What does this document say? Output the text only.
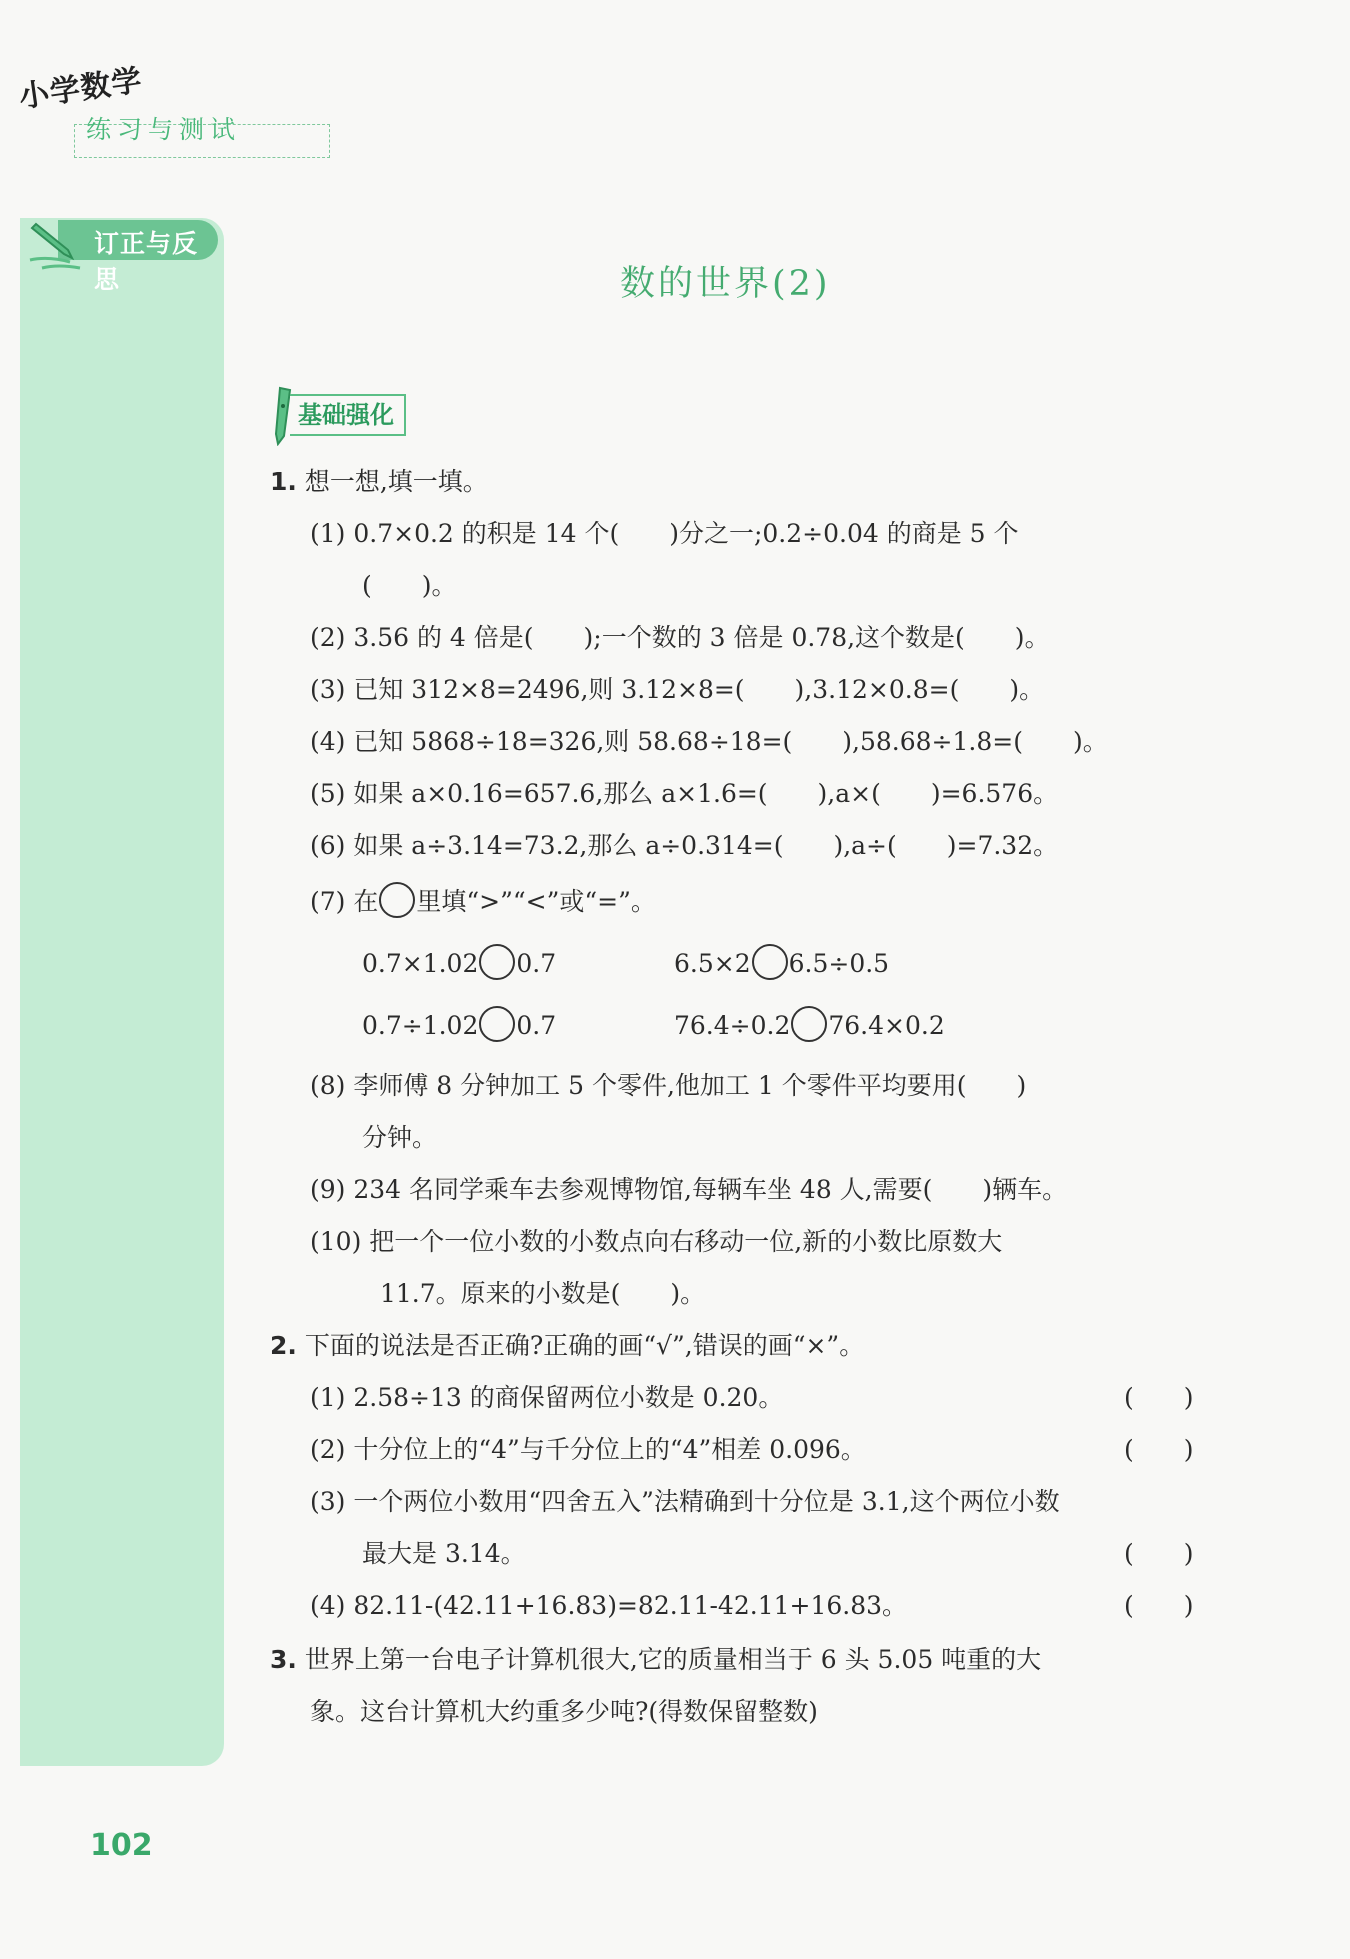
小学数学
练习与测试
订正与反思	数的世界(2)
基础强化
1. 想一想,填一填。
(1) 0.7×0.2 的积是 14 个(　　)分之一;0.2÷0.04 的商是 5 个
(　　)。
(2) 3.56 的 4 倍是(　　);一个数的 3 倍是 0.78,这个数是(　　)。
(3) 已知 312×8=2496,则 3.12×8=(　　),3.12×0.8=(　　)。
(4) 已知 5868÷18=326,则 58.68÷18=(　　),58.68÷1.8=(　　)。
(5) 如果 a×0.16=657.6,那么 a×1.6=(　　),a×(　　)=6.576。
(6) 如果 a÷3.14=73.2,那么 a÷0.314=(　　),a÷(　　)=7.32。
(7) 在 里填“>”“<”或“=”。
0.7×1.02 0.7	6.5×2 6.5÷0.5
0.7÷1.02 0.7	76.4÷0.2 76.4×0.2
(8) 李师傅 8 分钟加工 5 个零件,他加工 1 个零件平均要用(　　)
分钟。
(9) 234 名同学乘车去参观博物馆,每辆车坐 48 人,需要(　　)辆车。
(10) 把一个一位小数的小数点向右移动一位,新的小数比原数大
11.7。原来的小数是(　　)。
2. 下面的说法是否正确?正确的画“√”,错误的画“×”。
(1) 2.58÷13 的商保留两位小数是 0.20。	(　　)
(2) 十分位上的“4”与千分位上的“4”相差 0.096。	(　　)
(3) 一个两位小数用“四舍五入”法精确到十分位是 3.1,这个两位小数
最大是 3.14。	(　　)
(4) 82.11-(42.11+16.83)=82.11-42.11+16.83。	(　　)
3. 世界上第一台电子计算机很大,它的质量相当于 6 头 5.05 吨重的大
象。这台计算机大约重多少吨?(得数保留整数)
102
